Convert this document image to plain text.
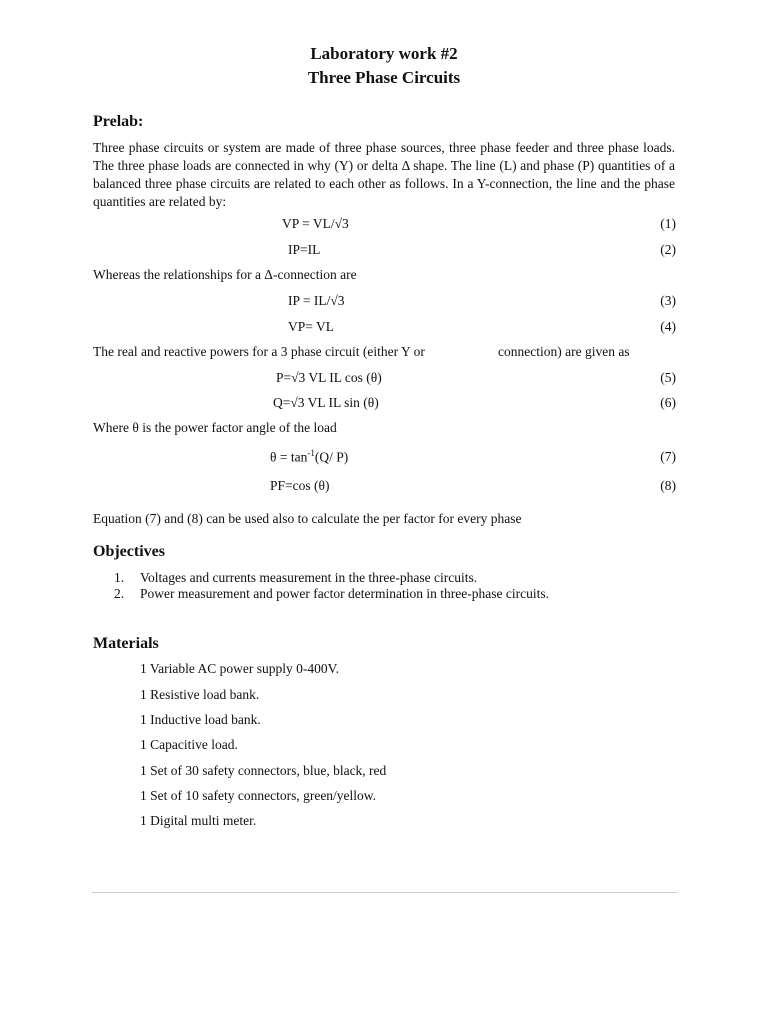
Laboratory work #2
Three Phase Circuits
Prelab:
Three phase circuits or system are made of three phase sources, three phase feeder and three phase loads. The three phase loads are connected in why (Y) or delta Δ shape. The line (L) and phase (P) quantities of a balanced three phase circuits are related to each other as follows. In a Y-connection, the line and the phase quantities are related by:
VP = VL/√3	(1)
IP=IL	(2)
Whereas the relationships for a Δ-connection are
IP = IL/√3	(3)
VP= VL	(4)
The real and reactive powers for a 3 phase circuit (either Y or	connection) are given as
P=√3 VL IL cos (θ)	(5)
Q=√3 VL IL sin (θ)	(6)
Where θ is the power factor angle of the load
$\theta = \tan^{-1}(Q/$ P)	(7)
PF=cos (θ)	(8)
Equation (7) and (8) can be used also to calculate the per factor for every phase
Objectives
1. Voltages and currents measurement in the three-phase circuits.
2. Power measurement and power factor determination in three-phase circuits.
Materials
1 Variable AC power supply 0-400V.
1 Resistive load bank.
1 Inductive load bank.
1 Capacitive load.
1 Set of 30 safety connectors, blue, black, red
1 Set of 10 safety connectors, green/yellow.
1 Digital multi meter.
